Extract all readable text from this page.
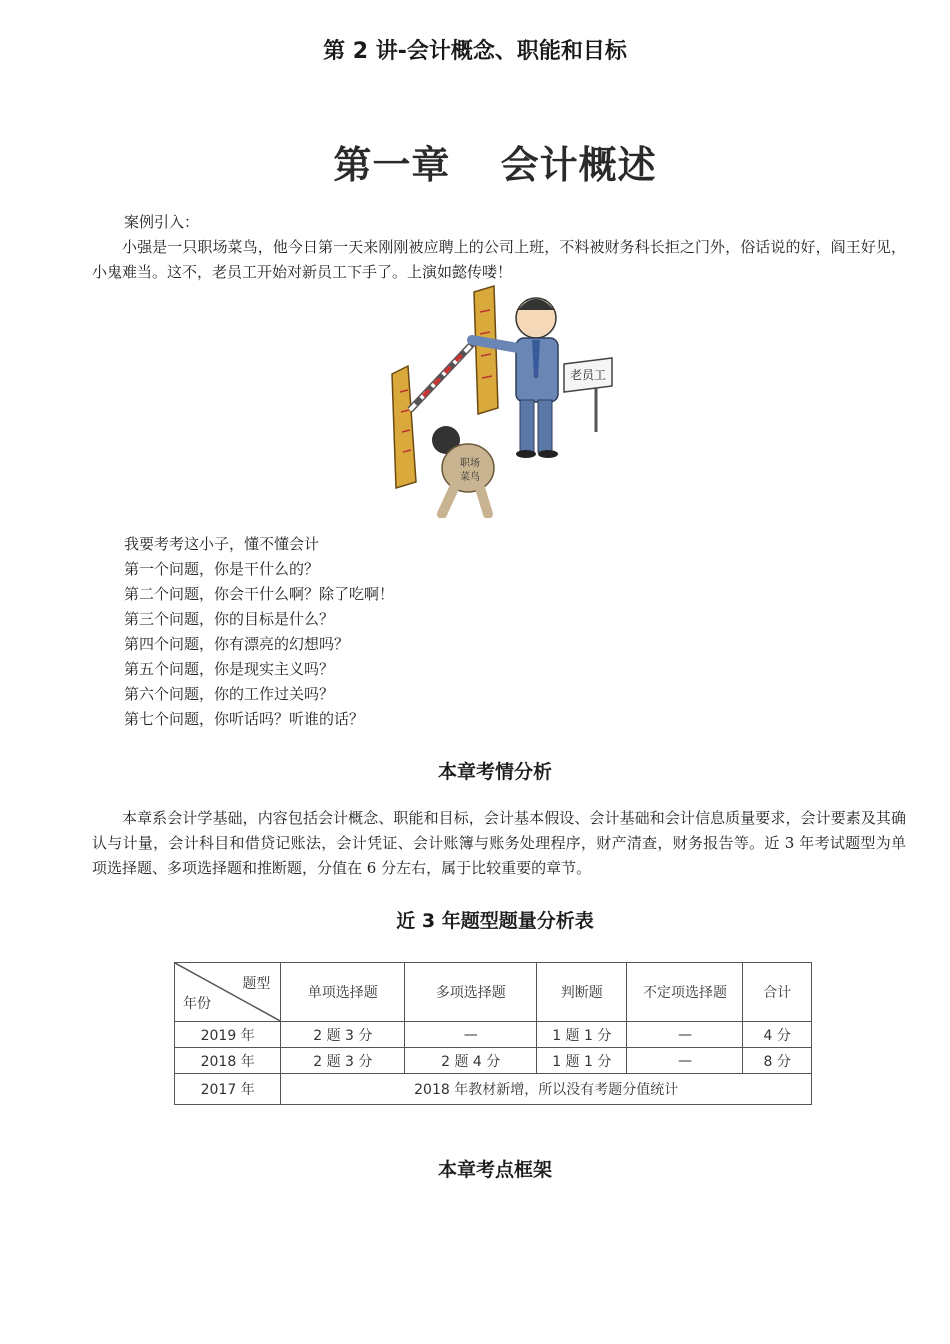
第 2 讲-会计概念、职能和目标
第一章 会计概述
案例引入：

小强是一只职场菜鸟，他今日第一天来刚刚被应聘上的公司上班，不料被财务科长拒之门外，俗话说的好，阎王好见，小鬼难当。这不，老员工开始对新员工下手了。上演如懿传喽！

老员工
职场
菜鸟
我要考考这小子，懂不懂会计
第一个问题，你是干什么的？
第二个问题，你会干什么啊？除了吃啊！
第三个问题，你的目标是什么？
第四个问题，你有漂亮的幻想吗？
第五个问题，你是现实主义吗？
第六个问题，你的工作过关吗？
第七个问题，你听话吗？听谁的话？
本章考情分析

本章系会计学基础，内容包括会计概念、职能和目标，会计基本假设、会计基础和会计信息质量要求，会计要素及其确认与计量，会计科目和借贷记账法，会计凭证、会计账簿与账务处理程序，财产清查，财务报告等。近 3 年考试题型为单项选择题、多项选择题和推断题，分值在 6 分左右，属于比较重要的章节。

近 3 年题型题量分析表
题型
年份	单项选择题	多项选择题	判断题	不定项选择题	合计
2019 年	2 题 3 分	—	1 题 1 分	—	4 分
2018 年	2 题 3 分	2 题 4 分	1 题 1 分	—	8 分
2017 年	2018 年教材新增，所以没有考题分值统计				
本章考点框架
